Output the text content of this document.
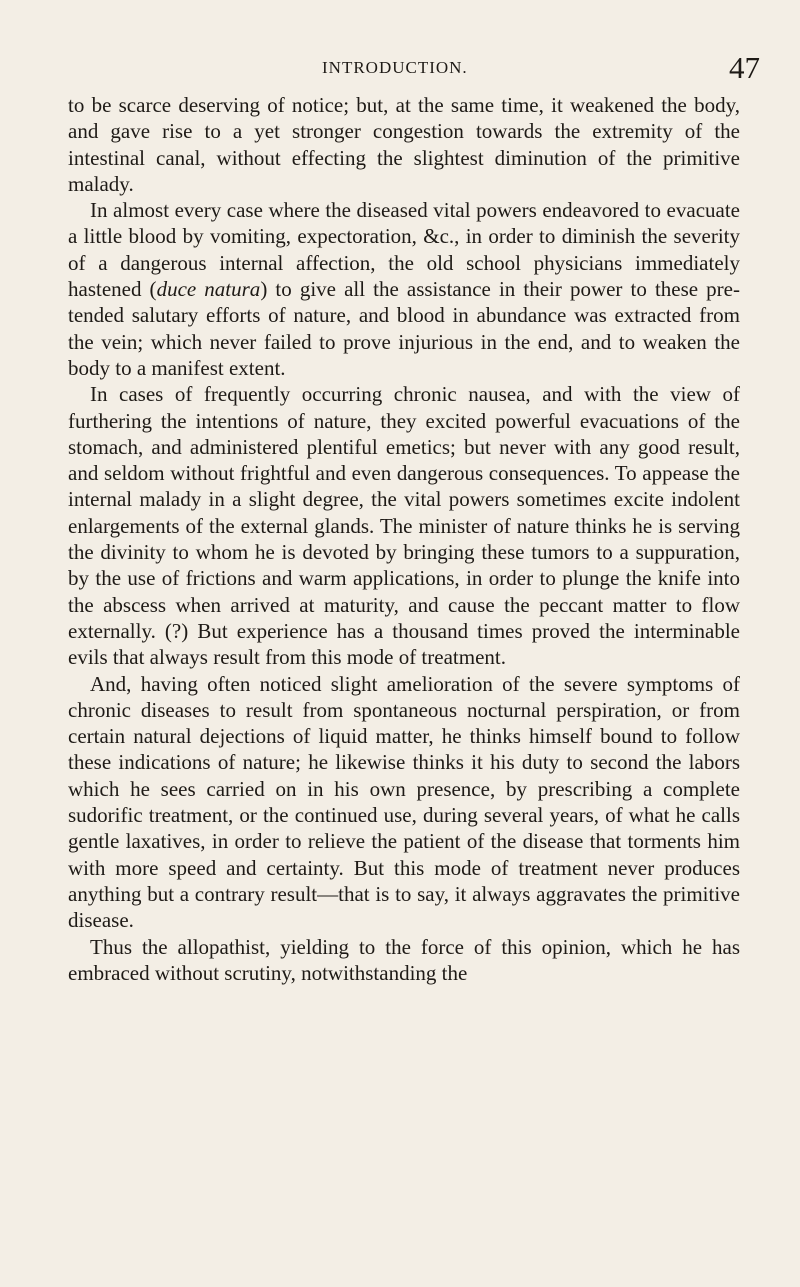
INTRODUCTION.	47

to be scarce deserving of notice; but, at the same time, it weakened the body, and gave rise to a yet stronger congestion towards the extremity of the intestinal canal, without effecting the slightest diminution of the primitive malady.

In almost every case where the diseased vital powers endeavored to evacuate a little blood by vomiting, expectoration, &c., in order to diminish the severity of a dangerous internal affection, the old school physicians immediately hastened (duce natura) to give all the assistance in their power to these pretended salutary efforts of nature, and blood in abundance was extracted from the vein; which never failed to prove injurious in the end, and to weaken the body to a manifest extent.

In cases of frequently occurring chronic nausea, and with the view of furthering the intentions of nature, they excited powerful evacuations of the stomach, and administered plentiful emetics; but never with any good result, and seldom without frightful and even dangerous consequences. To appease the internal malady in a slight degree, the vital powers sometimes excite indolent enlargements of the external glands. The minister of nature thinks he is serving the divinity to whom he is devoted by bringing these tumors to a suppuration, by the use of frictions and warm applications, in order to plunge the knife into the abscess when arrived at maturity, and cause the peccant matter to flow externally. (?) But experience has a thousand times proved the interminable evils that always result from this mode of treatment.

And, having often noticed slight amelioration of the severe symptoms of chronic diseases to result from spontaneous nocturnal perspiration, or from certain natural dejections of liquid matter, he thinks himself bound to follow these indications of nature; he likewise thinks it his duty to second the labors which he sees carried on in his own presence, by prescribing a complete sudorific treatment, or the continued use, during several years, of what he calls gentle laxatives, in order to relieve the patient of the disease that torments him with more speed and certainty. But this mode of treatment never produces anything but a contrary result—that is to say, it always aggravates the primitive disease.

Thus the allopathist, yielding to the force of this opinion, which he has embraced without scrutiny, notwithstanding the
